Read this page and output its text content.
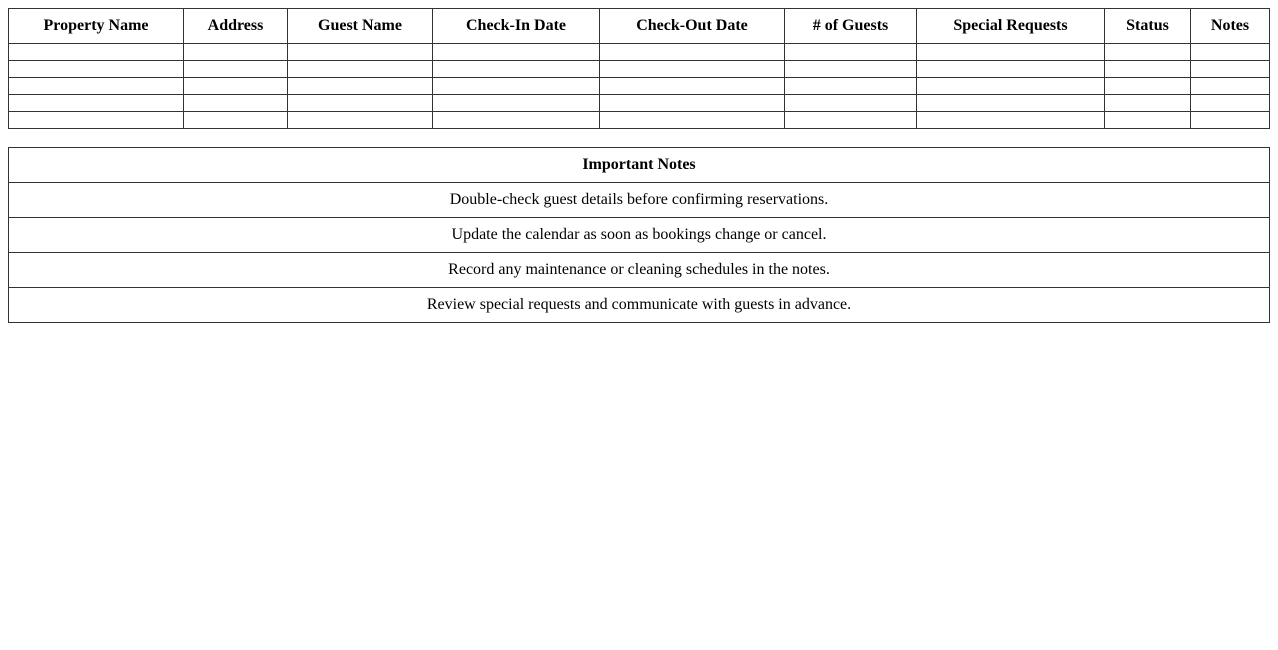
Property Name	Address	Guest Name	Check-In Date	Check-Out Date	# of Guests	Special Requests	Status	Notes

Important Notes
Double-check guest details before confirming reservations.
Update the calendar as soon as bookings change or cancel.
Record any maintenance or cleaning schedules in the notes.
Review special requests and communicate with guests in advance.
